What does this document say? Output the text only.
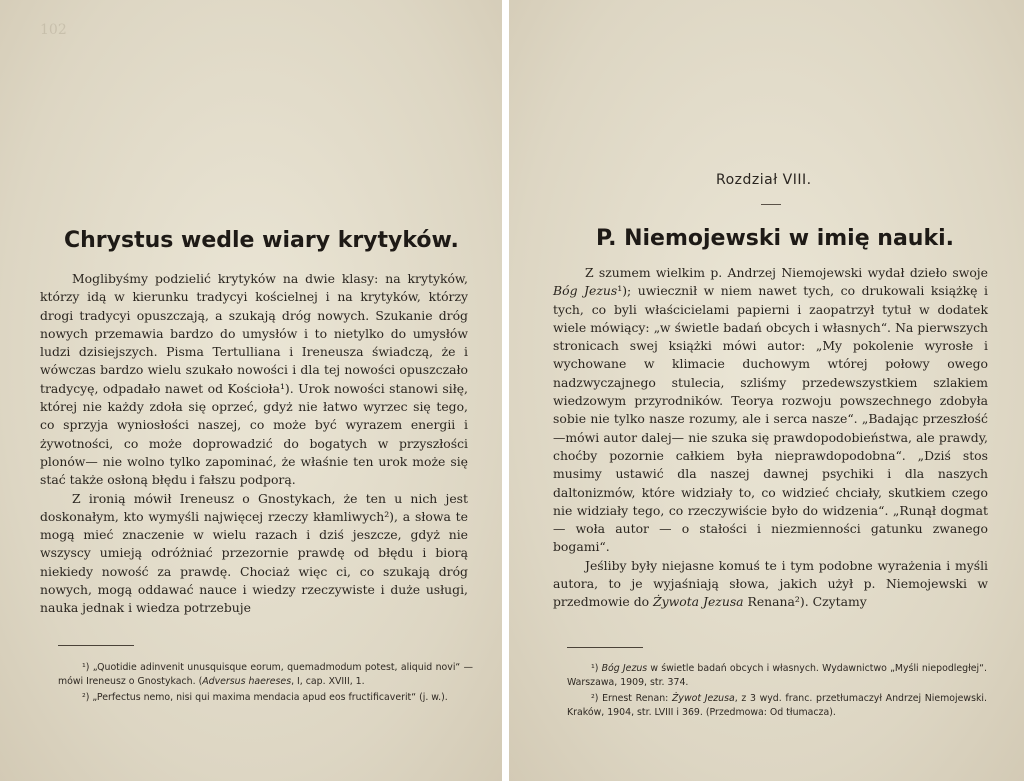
102
Chrystus wedle wiary krytyków.

Moglibyśmy podzielić krytyków na dwie klasy: na krytyków, którzy idą w kierunku tradycyi kościelnej i na krytyków, którzy drogi tradycyi opuszczają, a szukają dróg nowych. Szukanie dróg nowych przemawia bardzo do umysłów i to nietylko do umysłów ludzi dzisiejszych. Pisma Tertulliana i Ireneusza świadczą, że i wówczas bardzo wielu szukało nowości i dla tej nowości opuszczało tradycyę, odpadało nawet od Kościoła¹). Urok nowości stanowi siłę, której nie każdy zdoła się oprzeć, gdyż nie łatwo wyrzec się tego, co sprzyja wyniosłości naszej, co może być wyrazem energii i żywotności, co może doprowadzić do bogatych w przyszłości plonów— nie wolno tylko zapominać, że właśnie ten urok może się stać także osłoną błędu i fałszu podporą.

Z ironią mówił Ireneusz o Gnostykach, że ten u nich jest doskonałym, kto wymyśli najwięcej rzeczy kłamliwych²), a słowa te mogą mieć znaczenie w wielu razach i dziś jeszcze, gdyż nie wszyscy umieją odróżniać przezornie prawdę od błędu i biorą niekiedy nowość za prawdę. Chociaż więc ci, co szukają dróg nowych, mogą oddawać nauce i wiedzy rzeczywiste i duże usługi, nauka jednak i wiedza potrzebuje

¹) „Quotidie adinvenit unusquisque eorum, quemadmodum potest, aliquid novi“ — mówi Ireneusz o Gnostykach. (Adversus haereses, I, cap. XVIII, 1.

²) „Perfectus nemo, nisi qui maxima mendacia apud eos fructificaverit“ (j. w.).

Rozdział VIII.

P. Niemojewski w imię nauki.

Z szumem wielkim p. Andrzej Niemojewski wydał dzieło swoje Bóg Jezus¹); uwiecznił w niem nawet tych, co drukowali książkę i tych, co byli właścicielami papierni i zaopatrzył tytuł w dodatek wiele mówiący: „w świetle badań obcych i własnych“. Na pierwszych stronicach swej książki mówi autor: „My pokolenie wyrosłe i wychowane w klimacie duchowym wtórej połowy owego nadzwyczajnego stulecia, szliśmy przedewszystkiem szlakiem wiedzowym przyrodników. Teorya rozwoju powszechnego zdobyła sobie nie tylko nasze rozumy, ale i serca nasze“. „Badając przeszłość—mówi autor dalej— nie szuka się prawdopodobieństwa, ale prawdy, choćby pozornie całkiem była nieprawdopodobna“. „Dziś stos musimy ustawić dla naszej dawnej psychiki i dla naszych daltonizmów, które widziały to, co widzieć chciały, skutkiem czego nie widziały tego, co rzeczywiście było do widzenia“. „Runął dogmat — woła autor — o stałości i niezmienności gatunku zwanego bogami“.

Jeśliby były niejasne komuś te i tym podobne wyrażenia i myśli autora, to je wyjaśniają słowa, jakich użył p. Niemojewski w przedmowie do Żywota Jezusa Renana²). Czytamy

¹) Bóg Jezus w świetle badań obcych i własnych. Wydawnictwo „Myśli niepodległej“. Warszawa, 1909, str. 374.

²) Ernest Renan: Żywot Jezusa, z 3 wyd. franc. przetłumaczył Andrzej Niemojewski. Kraków, 1904, str. LVIII i 369. (Przedmowa: Od tłumacza).
